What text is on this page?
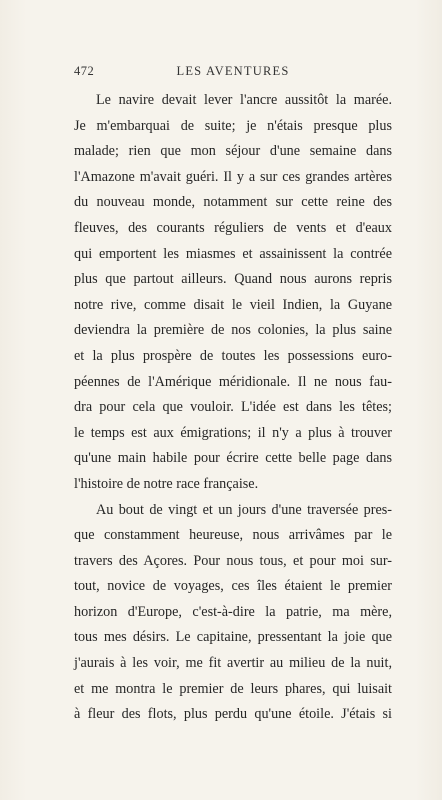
472	LES AVENTURES
Le navire devait lever l'ancre aussitôt la marée.
Je m'embarquai de suite; je n'étais presque plus
malade; rien que mon séjour d'une semaine dans
l'Amazone m'avait guéri. Il y a sur ces grandes artères
du nouveau monde, notamment sur cette reine des
fleuves, des courants réguliers de vents et d'eaux
qui emportent les miasmes et assainissent la contrée
plus que partout ailleurs. Quand nous aurons repris
notre rive, comme disait le vieil Indien, la Guyane
deviendra la première de nos colonies, la plus saine
et la plus prospère de toutes les possessions euro-
péennes de l'Amérique méridionale. Il ne nous fau-
dra pour cela que vouloir. L'idée est dans les têtes;
le temps est aux émigrations; il n'y a plus à trouver
qu'une main habile pour écrire cette belle page dans
l'histoire de notre race française.
Au bout de vingt et un jours d'une traversée pres-
que constamment heureuse, nous arrivâmes par le
travers des Açores. Pour nous tous, et pour moi sur-
tout, novice de voyages, ces îles étaient le premier
horizon d'Europe, c'est-à-dire la patrie, ma mère,
tous mes désirs. Le capitaine, pressentant la joie que
j'aurais à les voir, me fit avertir au milieu de la nuit,
et me montra le premier de leurs phares, qui luisait
à fleur des flots, plus perdu qu'une étoile. J'étais si
